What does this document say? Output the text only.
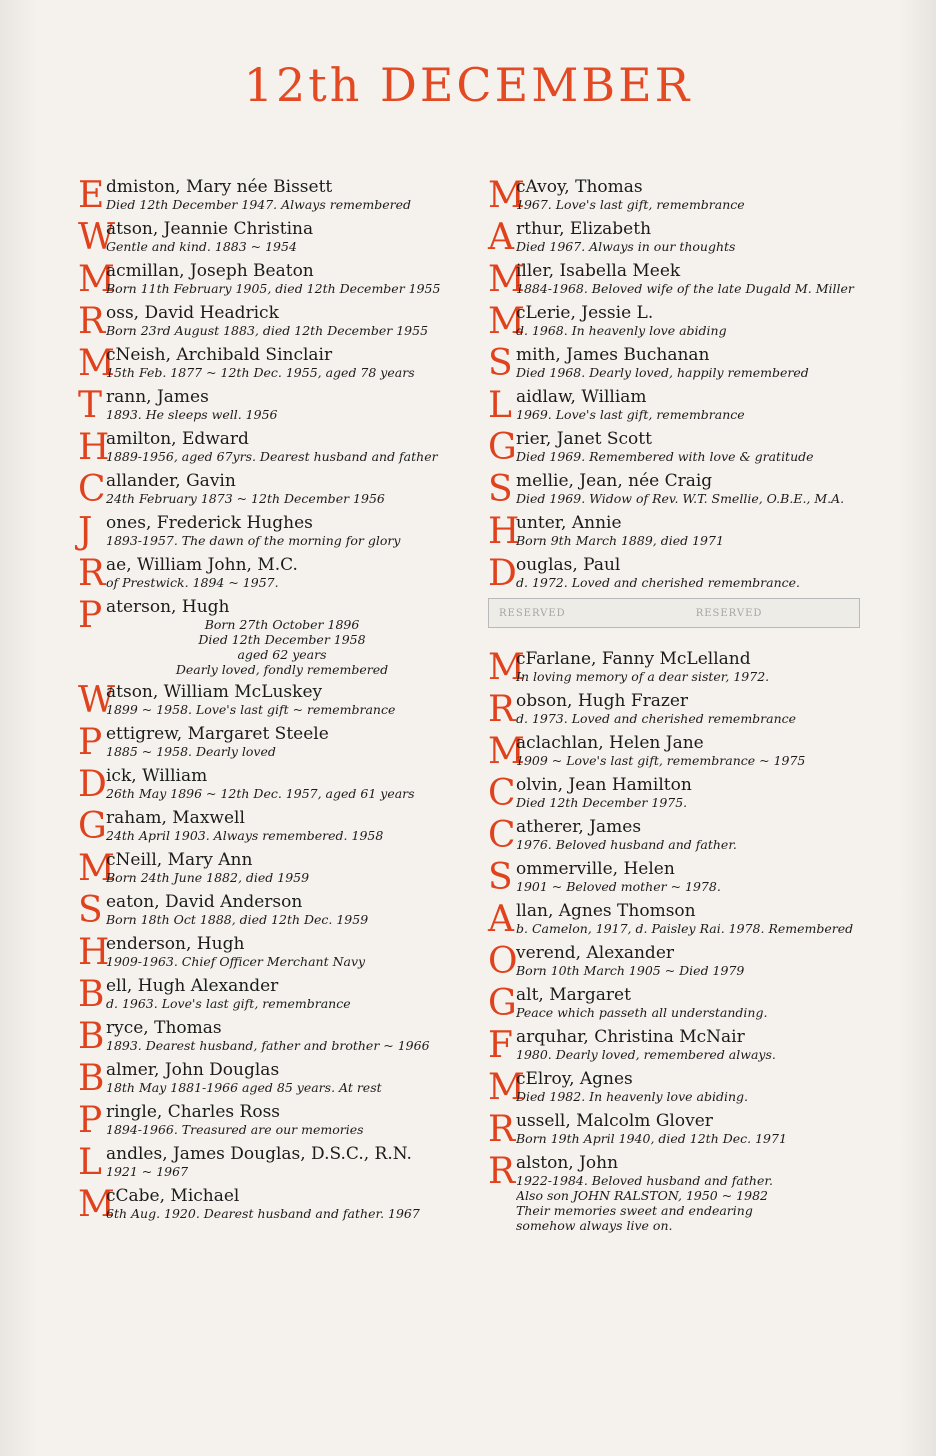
12th DECEMBER
E dmiston, Mary née Bissett
Died 12th December 1947. Always remembered
W
atson, Jeannie Christina
Gentle and kind. 1883 ~ 1954
M
acmillan, Joseph Beaton
Born 11th February 1905, died 12th December 1955
R oss, David Headrick
Born 23rd August 1883, died 12th December 1955
M
cNeish, Archibald Sinclair
15th Feb. 1877 ~ 12th Dec. 1955, aged 78 years
T rann, James
1893. He sleeps well. 1956
H
amilton, Edward
1889-1956, aged 67yrs. Dearest husband and father
C allander, Gavin
24th February 1873 ~ 12th December 1956
J ones, Frederick Hughes
1893-1957. The dawn of the morning for glory
R ae, William John, M.C.
of Prestwick. 1894 ~ 1957.
P aterson, Hugh
Born 27th October 1896
Died 12th December 1958
aged 62 years
Dearly loved, fondly remembered
W
atson, William McLuskey
1899 ~ 1958. Love's last gift ~ remembrance
P ettigrew, Margaret Steele
1885 ~ 1958. Dearly loved
D ick, William
26th May 1896 ~ 12th Dec. 1957, aged 61 years
G raham, Maxwell
24th April 1903. Always remembered. 1958
M
cNeill, Mary Ann
Born 24th June 1882, died 1959
S eaton, David Anderson
Born 18th Oct 1888, died 12th Dec. 1959
H
enderson, Hugh
1909-1963. Chief Officer Merchant Navy
B ell, Hugh Alexander
d. 1963. Love's last gift, remembrance
B ryce, Thomas
1893. Dearest husband, father and brother ~ 1966
B almer, John Douglas
18th May 1881-1966 aged 85 years. At rest
P ringle, Charles Ross
1894-1966. Treasured are our memories
L andles, James Douglas, D.S.C., R.N.
1921 ~ 1967
M
cCabe, Michael
6th Aug. 1920. Dearest husband and father. 1967
M
cAvoy, Thomas
1967. Love's last gift, remembrance
A rthur, Elizabeth
Died 1967. Always in our thoughts
M
iller, Isabella Meek
1884-1968. Beloved wife of the late Dugald M. Miller
M
cLerie, Jessie L.
d. 1968. In heavenly love abiding
S mith, James Buchanan
Died 1968. Dearly loved, happily remembered
L aidlaw, William
1969. Love's last gift, remembrance
G rier, Janet Scott
Died 1969. Remembered with love & gratitude
S mellie, Jean, née Craig
Died 1969. Widow of Rev. W.T. Smellie, O.B.E., M.A.
H
unter, Annie
Born 9th March 1889, died 1971
D ouglas, Paul
d. 1972. Loved and cherished remembrance.
RESERVED	RESERVED
M
cFarlane, Fanny McLelland
In loving memory of a dear sister, 1972.
R obson, Hugh Frazer
d. 1973. Loved and cherished remembrance
M
aclachlan, Helen Jane
1909 ~ Love's last gift, remembrance ~ 1975
C olvin, Jean Hamilton
Died 12th December 1975.
C atherer, James
1976. Beloved husband and father.
S ommerville, Helen
1901 ~ Beloved mother ~ 1978.
A llan, Agnes Thomson
b. Camelon, 1917, d. Paisley Rai. 1978. Remembered
O
verend, Alexander
Born 10th March 1905 ~ Died 1979
G alt, Margaret
Peace which passeth all understanding.
F arquhar, Christina McNair
1980. Dearly loved, remembered always.
M
cElroy, Agnes
Died 1982. In heavenly love abiding.
R ussell, Malcolm Glover
Born 19th April 1940, died 12th Dec. 1971
R alston, John
1922-1984. Beloved husband and father.
Also son JOHN RALSTON, 1950 ~ 1982
Their memories sweet and endearing
somehow always live on.
